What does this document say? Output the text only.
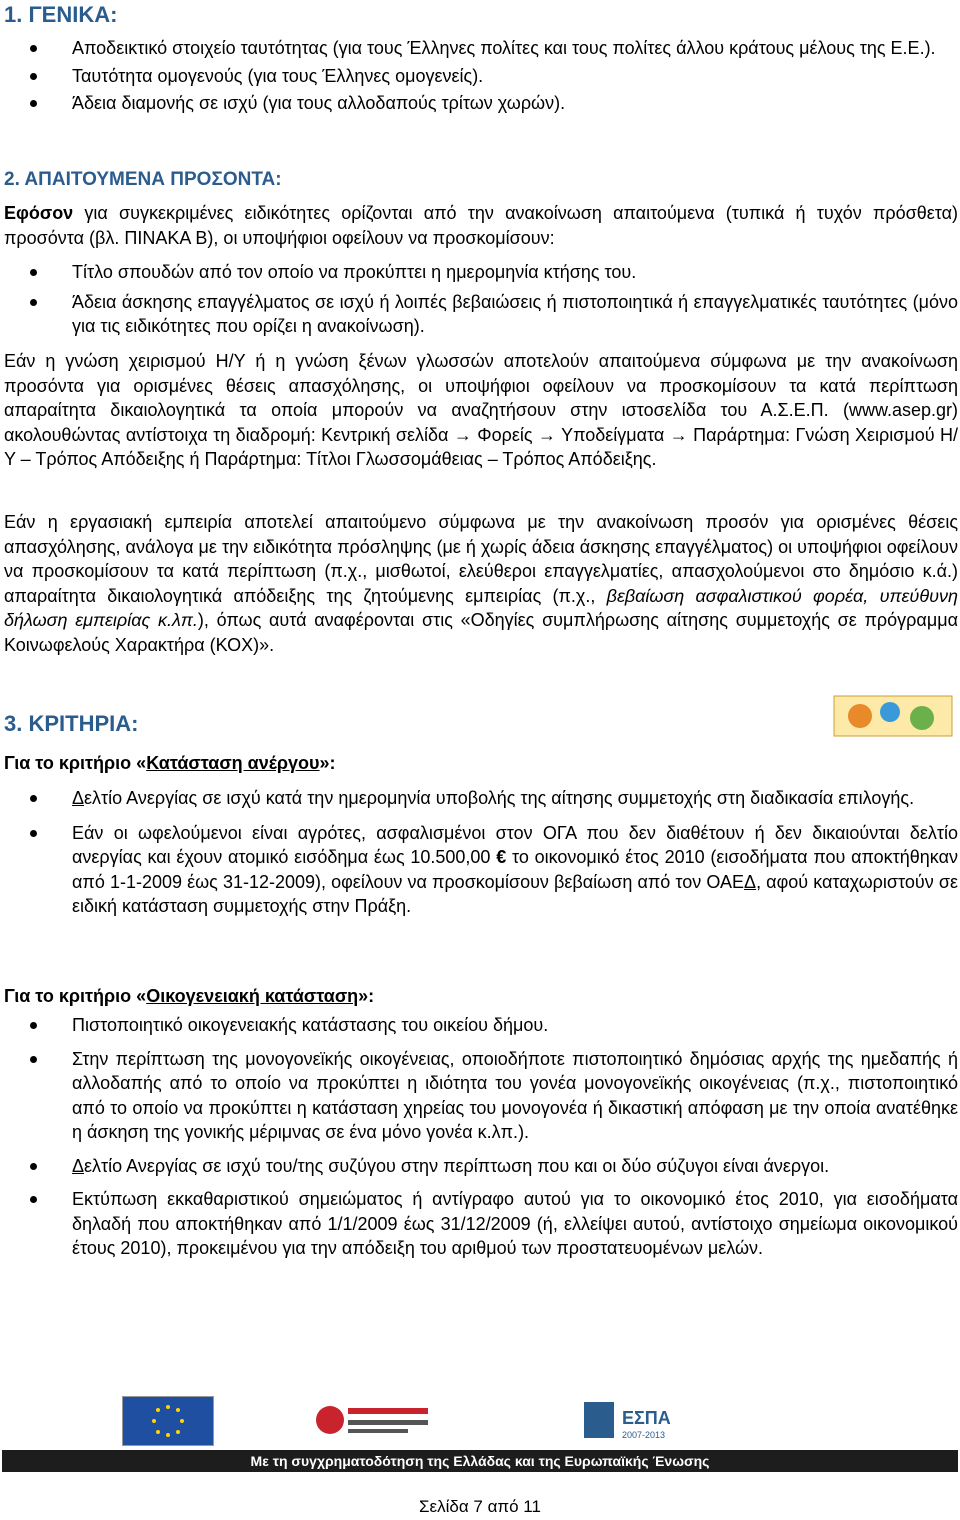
1. ΓΕΝΙΚΑ:
Αποδεικτικό στοιχείο ταυτότητας (για τους Έλληνες πολίτες και τους πολίτες άλλου κράτους μέλους της Ε.Ε.).
Ταυτότητα ομογενούς (για τους Έλληνες ομογενείς).
Άδεια διαμονής σε ισχύ (για τους αλλοδαπούς τρίτων χωρών).
2. ΑΠΑΙΤΟΥΜΕΝΑ ΠΡΟΣΟΝΤΑ:
Εφόσον για συγκεκριμένες ειδικότητες ορίζονται από την ανακοίνωση απαιτούμενα (τυπικά ή τυχόν πρόσθετα) προσόντα (βλ. ΠΙΝΑΚΑ Β), οι υποψήφιοι οφείλουν να προσκομίσουν:
Τίτλο σπουδών από τον οποίο να προκύπτει η ημερομηνία κτήσης του.
Άδεια άσκησης επαγγέλματος σε ισχύ ή λοιπές βεβαιώσεις ή πιστοποιητικά ή επαγγελματικές ταυτότητες (μόνο για τις ειδικότητες που ορίζει η ανακοίνωση).
Εάν η γνώση χειρισμού Η/Υ ή η γνώση ξένων γλωσσών αποτελούν απαιτούμενα σύμφωνα με την ανακοίνωση προσόντα για ορισμένες θέσεις απασχόλησης, οι υποψήφιοι οφείλουν να προσκομίσουν τα κατά περίπτωση απαραίτητα δικαιολογητικά τα οποία μπορούν να αναζητήσουν στην ιστοσελίδα του Α.Σ.Ε.Π. (www.asep.gr) ακολουθώντας αντίστοιχα τη διαδρομή: Κεντρική σελίδα → Φορείς → Υποδείγματα → Παράρτημα: Γνώση Χειρισμού Η/Υ – Τρόπος Απόδειξης ή Παράρτημα: Τίτλοι Γλωσσομάθειας – Τρόπος Απόδειξης.
Εάν η εργασιακή εμπειρία αποτελεί απαιτούμενο σύμφωνα με την ανακοίνωση προσόν για ορισμένες θέσεις απασχόλησης, ανάλογα με την ειδικότητα πρόσληψης (με ή χωρίς άδεια άσκησης επαγγέλματος) οι υποψήφιοι οφείλουν να προσκομίσουν τα κατά περίπτωση (π.χ., μισθωτοί, ελεύθεροι επαγγελματίες, απασχολούμενοι στο δημόσιο κ.ά.) απαραίτητα δικαιολογητικά απόδειξης της ζητούμενης εμπειρίας (π.χ., βεβαίωση ασφαλιστικού φορέα, υπεύθυνη δήλωση εμπειρίας κ.λπ.), όπως αυτά αναφέρονται στις «Οδηγίες συμπλήρωσης αίτησης συμμετοχής σε πρόγραμμα Κοινωφελούς Χαρακτήρα (ΚΟΧ)».
3. ΚΡΙΤΗΡΙΑ:
Για το κριτήριο «Κατάσταση ανέργου»:
Δελτίο Ανεργίας σε ισχύ κατά την ημερομηνία υποβολής της αίτησης συμμετοχής στη διαδικασία επιλογής.
Εάν οι ωφελούμενοι είναι αγρότες, ασφαλισμένοι στον ΟΓΑ που δεν διαθέτουν ή δεν δικαιούνται δελτίο ανεργίας και έχουν ατομικό εισόδημα έως 10.500,00 € το οικονομικό έτος 2010 (εισοδήματα που αποκτήθηκαν από 1-1-2009 έως 31-12-2009), οφείλουν να προσκομίσουν βεβαίωση από τον ΟΑΕΔ, αφού καταχωριστούν σε ειδική κατάσταση συμμετοχής στην Πράξη.
Για το κριτήριο «Οικογενειακή κατάσταση»:
Πιστοποιητικό οικογενειακής κατάστασης του οικείου δήμου.
Στην περίπτωση της μονογονεϊκής οικογένειας, οποιοδήποτε πιστοποιητικό δημόσιας αρχής της ημεδαπής ή αλλοδαπής από το οποίο να προκύπτει η ιδιότητα του γονέα μονογονεϊκής οικογένειας (π.χ., πιστοποιητικό από το οποίο να προκύπτει η κατάσταση χηρείας του μονογονέα ή δικαστική απόφαση με την οποία ανατέθηκε η άσκηση της γονικής μέριμνας σε ένα μόνο γονέα κ.λπ.).
Δελτίο Ανεργίας σε ισχύ του/της συζύγου στην περίπτωση που και οι δύο σύζυγοι είναι άνεργοι.
Εκτύπωση εκκαθαριστικού σημειώματος ή αντίγραφο αυτού για το οικονομικό έτος 2010, για εισοδήματα δηλαδή που αποκτήθηκαν από 1/1/2009 έως 31/12/2009 (ή, ελλείψει αυτού, αντίστοιχο σημείωμα οικονομικού έτους 2010), προκειμένου για την απόδειξη του αριθμού των προστατευομένων μελών.
ΕΣΠΑ
2007-2013
Με τη συγχρηματοδότηση της Ελλάδας και της Ευρωπαϊκής Ένωσης
Σελίδα 7 από 11
